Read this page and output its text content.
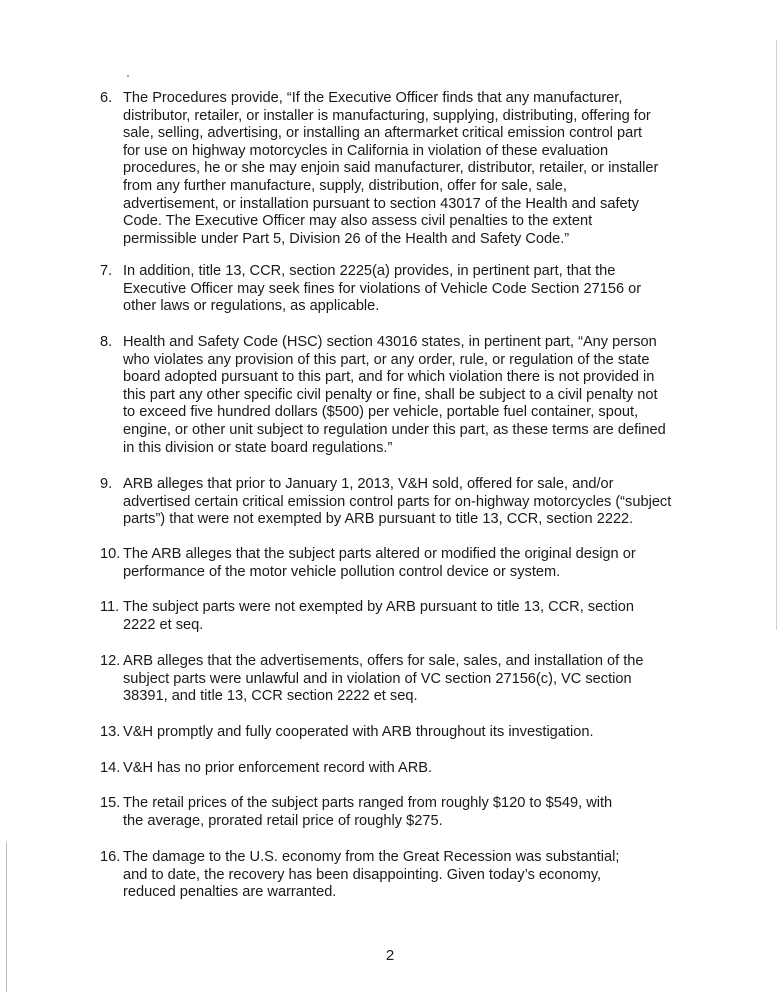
6. The Procedures provide, “If the Executive Officer finds that any manufacturer,
distributor, retailer, or installer is manufacturing, supplying, distributing, offering for
sale, selling, advertising, or installing an aftermarket critical emission control part
for use on highway motorcycles in California in violation of these evaluation
procedures, he or she may enjoin said manufacturer, distributor, retailer, or installer
from any further manufacture, supply, distribution, offer for sale, sale,
advertisement, or installation pursuant to section 43017 of the Health and safety
Code. The Executive Officer may also assess civil penalties to the extent
permissible under Part 5, Division 26 of the Health and Safety Code.”
7. In addition, title 13, CCR, section 2225(a) provides, in pertinent part, that the
Executive Officer may seek fines for violations of Vehicle Code Section 27156 or
other laws or regulations, as applicable.
8. Health and Safety Code (HSC) section 43016 states, in pertinent part, “Any person
who violates any provision of this part, or any order, rule, or regulation of the state
board adopted pursuant to this part, and for which violation there is not provided in
this part any other specific civil penalty or fine, shall be subject to a civil penalty not
to exceed five hundred dollars ($500) per vehicle, portable fuel container, spout,
engine, or other unit subject to regulation under this part, as these terms are defined
in this division or state board regulations.”
9. ARB alleges that prior to January 1, 2013, V&H sold, offered for sale, and/or
advertised certain critical emission control parts for on-highway motorcycles (“subject
parts”) that were not exempted by ARB pursuant to title 13, CCR, section 2222.
10. The ARB alleges that the subject parts altered or modified the original design or
performance of the motor vehicle pollution control device or system.
11. The subject parts were not exempted by ARB pursuant to title 13, CCR, section
2222 et seq.
12. ARB alleges that the advertisements, offers for sale, sales, and installation of the
subject parts were unlawful and in violation of VC section 27156(c), VC section
38391, and title 13, CCR section 2222 et seq.
13. V&H promptly and fully cooperated with ARB throughout its investigation.
14. V&H has no prior enforcement record with ARB.
15. The retail prices of the subject parts ranged from roughly $120 to $549, with
the average, prorated retail price of roughly $275.
16. The damage to the U.S. economy from the Great Recession was substantial;
and to date, the recovery has been disappointing. Given today’s economy,
reduced penalties are warranted.
2
